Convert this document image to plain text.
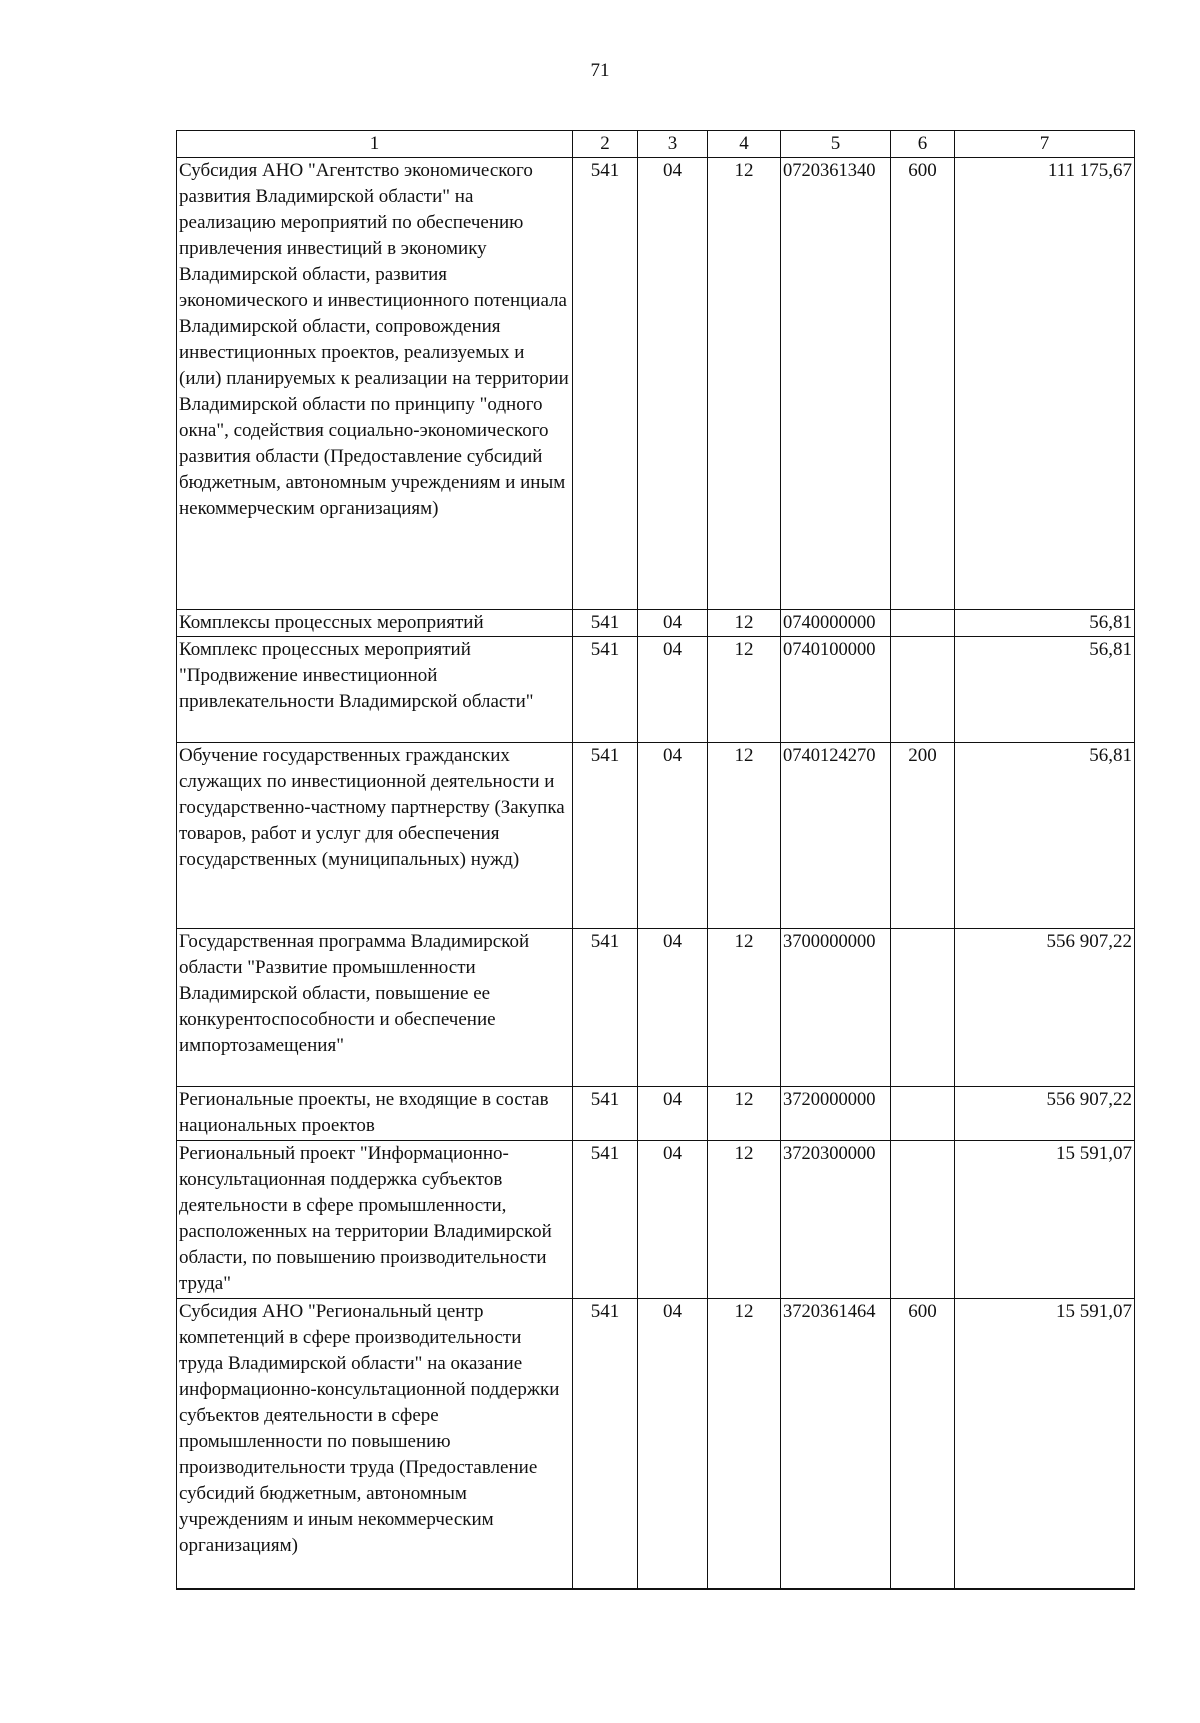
71
1	2	3	4	5	6	7
Субсидия АНО "Агентство экономического развития Владимирской области" на реализацию мероприятий по обеспечению привлечения инвестиций в экономику Владимирской области, развития экономического и инвестиционного потенциала Владимирской области, сопровождения инвестиционных проектов, реализуемых и (или) планируемых к реализации на территории Владимирской области по принципу "одного окна", содействия социально-экономического развития области (Предоставление субсидий бюджетным, автономным учреждениям и иным некоммерческим организациям)	541	04	12	0720361340	600	111 175,67
Комплексы процессных мероприятий	541	04	12	0740000000		56,81
Комплекс процессных мероприятий "Продвижение инвестиционной привлекательности Владимирской области"	541	04	12	0740100000		56,81
Обучение государственных гражданских служащих по инвестиционной деятельности и государственно-частному партнерству (Закупка товаров, работ и услуг для обеспечения государственных (муниципальных) нужд)	541	04	12	0740124270	200	56,81
Государственная программа Владимирской области "Развитие промышленности Владимирской области, повышение ее конкурентоспособности и обеспечение импортозамещения"	541	04	12	3700000000		556 907,22
Региональные проекты, не входящие в состав национальных проектов	541	04	12	3720000000		556 907,22
Региональный проект "Информационно-консультационная поддержка субъектов деятельности в сфере промышленности, расположенных на территории Владимирской области, по повышению производительности труда"	541	04	12	3720300000		15 591,07
Субсидия АНО "Региональный центр компетенций в сфере производительности труда Владимирской области" на оказание информационно-консультационной поддержки субъектов деятельности в сфере промышленности по повышению производительности труда (Предоставление субсидий бюджетным, автономным учреждениям и иным некоммерческим организациям)	541	04	12	3720361464	600	15 591,07
